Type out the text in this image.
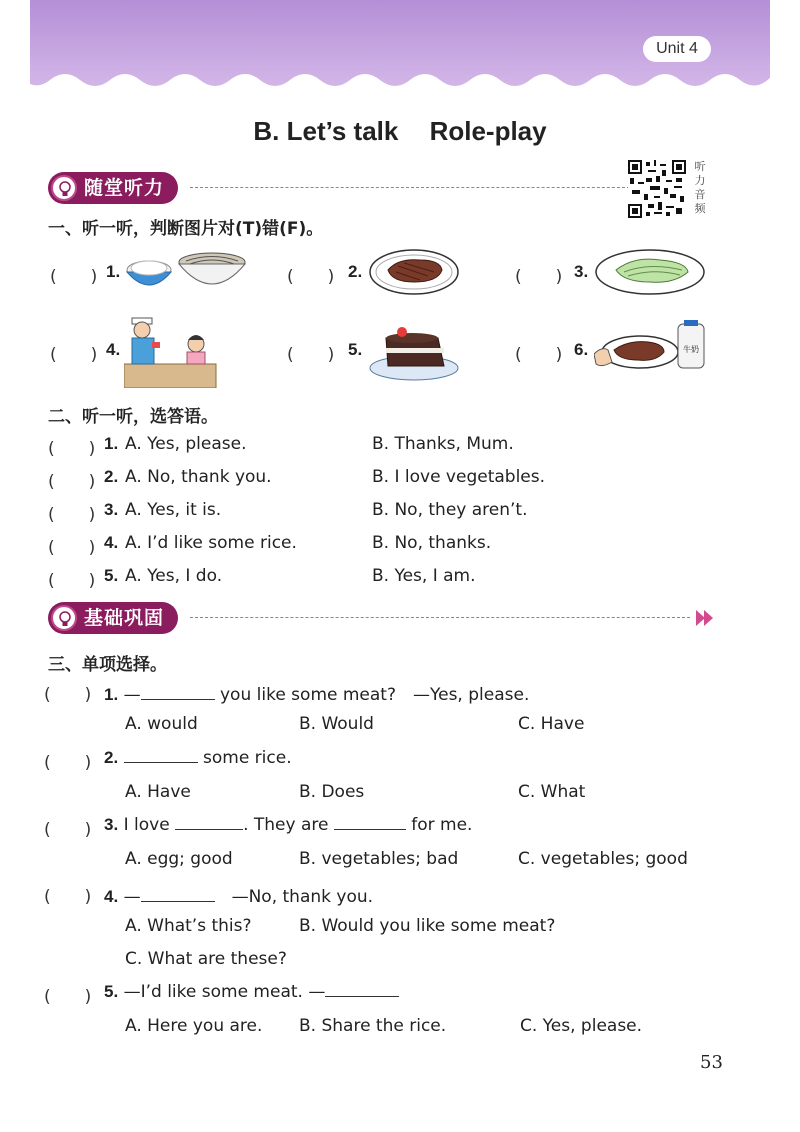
Unit 4
B. Let’s talk Role-play
随堂听力
听力音频
一、听一听，判断图片对(T)错(F)。
(　　) 1.	(　　) 2.	(　　) 3.
(　　) 4.	(　　) 5.	(　　) 6.	牛奶
二、听一听，选答语。
(　　) 1. A. Yes, please.	B. Thanks, Mum.
(　　) 2. A. No, thank you.	B. I love vegetables.
(　　) 3. A. Yes, it is.	B. No, they aren’t.
(　　) 4. A. I’d like some rice.	B. No, thanks.
(　　) 5. A. Yes, I do.	B. Yes, I am.
基础巩固
三、单项选择。
(　　) 1. —	you like some meat?　—Yes, please.
A. would	B. Would	C. Have
(　　) 2.	some rice.
A. Have	B. Does	C. What
(　　) 3. I love	. They are	for me.
A. egg; good	B. vegetables; bad	C. vegetables; good
(　　) 4. —	　—No, thank you.
A. What’s this?	B. Would you like some meat?
C. What are these?
(　　) 5. —I’d like some meat. —
A. Here you are. B. Share the rice.	C. Yes, please.
53
